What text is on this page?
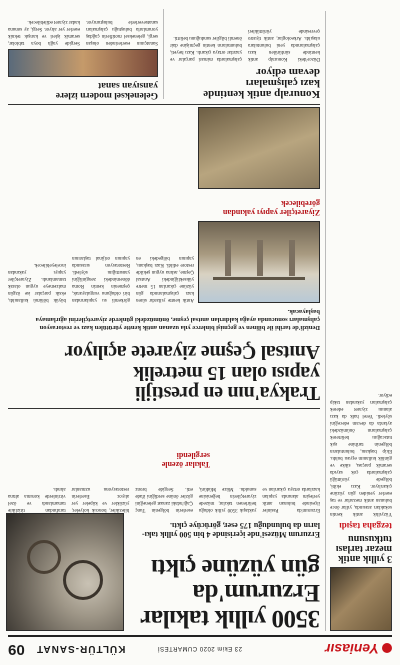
Yeniasır
23 Ekim 2020 CUMARTESİ
KÜLTÜR-SANAT
09
3 yıllık antik mezar tarlası tutkusunu
tezgaha taşıdı

Yüzyıllık antik kentin sokakları arasında, yıllar önce bulunan antik mezarlar ve taş eserler yeniden gün yüzüne çıkarılıyor. Kazı ekibi, bölgede yürüttüğü çalışmalarda çok sayıda seramik parçası, sikke ve günlük kullanım eşyası buldu. Ekip başkanı, buluntuların bölgenin tarihine ışık tutacağını belirterek çalışmaların önümüzdeki aylarda da devam edeceğini söyledi. Yerel halk da kazı alanını ziyaret ederek çalışmaları yakından takip ediyor.

3500 yıllık takılar
Erzurum'da
gün yüzüne çıktı
Erzurum Müzesi'nde içerisinde 4 bin 500 yıllık takı-ların da bulunduğu 175 eser, görücüye çıktı.

Erzurum'da Pasinler ilçesinde bulunan antik yerleşim alanında yapılan kazılarda ortaya çıkarılan ve yaklaşık 3500 yıllık olduğu belirlenen takılar, müzede ziyaretçilerin beğenisine sunuldu. Müze Müdürü, eserlerin bölgenin Tunç Çağı'ndaki zanaat geleneğini gözler önüne serdiğini ifade etti. Sergide bronz bilezikler, boncuk kolyeler, yüzükler ve küpeler yer alıyor. Eserlerin restorasyonu uzmanlar tarafından titizlikle tamamlandı ve özel vitrinlerde koruma altına alındı.

Takılar özenle sergilendi
Trakya'nın en prestijli
yapısı olan 15 metrelik
Anıtsal Çeşme ziyarete açılıyor
Denizli'de tarihi ile bilinen ve geçmişi binlerce yıla uzanan antik kentte yürütülen kazı ve restorasyon çalışmaları sonucunda ayağa kaldırılan anıtsal çeşme, önümüzdeki günlerde ziyaretçilerini ağırlamaya başlayacak.

Antik kentte yıllardır süren kazı çalışmalarında gün yüzüne çıkarılan 15 metre yüksekliğindeki Anıtsal Çeşme, aslına uygun şekilde restore edildi. Kazı başkanı, yapının bölgedeki en görkemli su yapılarından biri olduğunu vurgulayarak, çeşmenin kentin Roma dönemindeki zenginliğini yansıttığını söyledi. Restorasyon sırasında yapının orijinal taşlarının büyük bölümü kullanıldı, eksik parçalar ise özgün malzemeye uygun olarak tamamlandı. Ziyaretçiler yapıyı yakından inceleyebilecek.

Ziyaretçiler yapıyı yakından görebilecek
Konuralp antik kentinde
kazı çalışmaları
devam ediyor

Düzce'deki Konuralp antik kentinde sürdürülen kazı çalışmalarında yeni buluntulara ulaşıldı. Arkeologlar, antik tiyatro çevresinde yürüttükleri çalışmalarda mimari parçalar ve yazıtlar ortaya çıkardı. Kazı heyeti, buluntuların kentin geçmişine dair önemli bilgiler sunduğunu belirtti.

Geleneksel modern izlere
yansıyan sanat

Sanatçının eserlerinden oluşan sergi, geleneksel motiflerin çağdaş yorumlarla buluştuğu çalışmaları sanatseverlerle buluşturuyor. Sergide yağlı boya tablolar, seramik işleri ve karışık teknik eserler yer alıyor. Sergi, ay sonuna kadar ziyaret edilebilecek.
